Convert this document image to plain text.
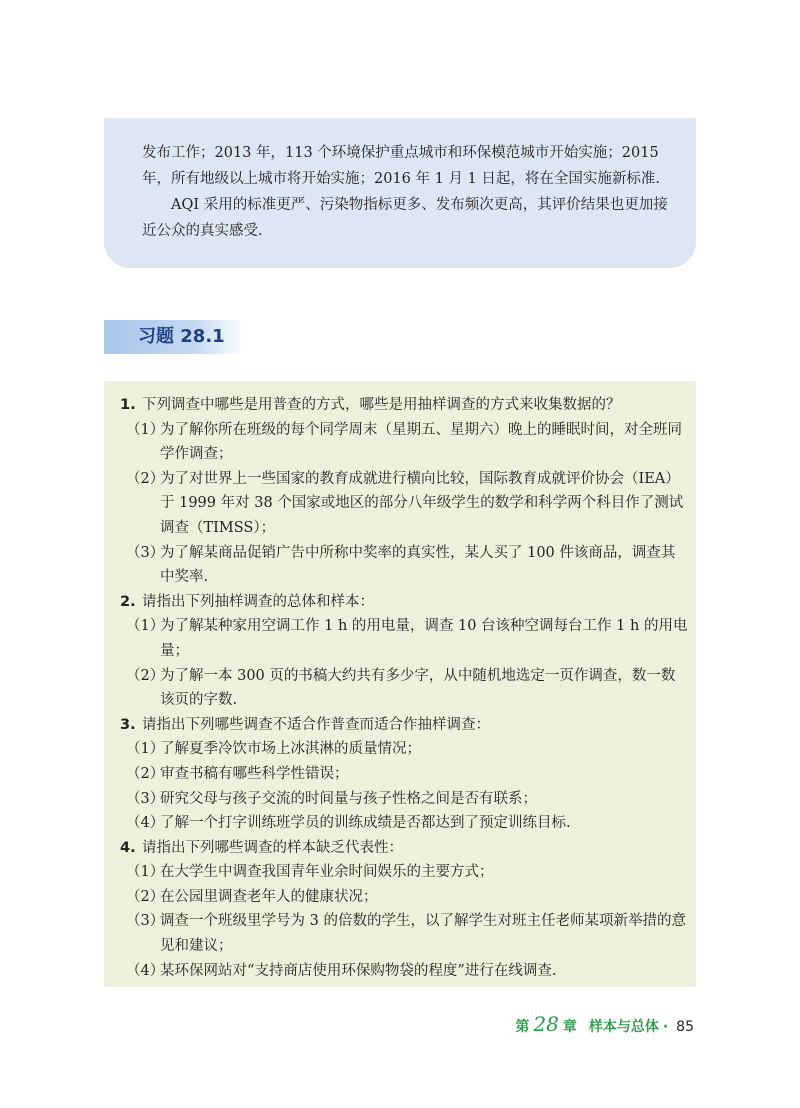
发布工作；2013 年，113 个环境保护重点城市和环保模范城市开始实施；2015 年，所有地级以上城市将开始实施；2016 年 1 月 1 日起，将在全国实施新标准.

AQI 采用的标准更严、污染物指标更多、发布频次更高，其评价结果也更加接近公众的真实感受.

习题 28.1
1. 下列调查中哪些是用普查的方式，哪些是用抽样调查的方式来收集数据的？
（1）
为了解你所在班级的每个同学周末（星期五、星期六）晚上的睡眠时间，对全班同学作调查；
（2）
为了对世界上一些国家的教育成就进行横向比较，国际教育成就评价协会（IEA）于 1999 年对 38 个国家或地区的部分八年级学生的数学和科学两个科目作了测试调查（TIMSS）；
（3）
为了解某商品促销广告中所称中奖率的真实性，某人买了 100 件该商品，调查其中奖率.
2. 请指出下列抽样调查的总体和样本：
（1）
为了解某种家用空调工作 1 h 的用电量，调查 10 台该种空调每台工作 1 h 的用电量；
（2）
为了解一本 300 页的书稿大约共有多少字，从中随机地选定一页作调查，数一数该页的字数.
3. 请指出下列哪些调查不适合作普查而适合作抽样调查：
（1）
了解夏季冷饮市场上冰淇淋的质量情况；
（2）
审查书稿有哪些科学性错误；
（3）
研究父母与孩子交流的时间量与孩子性格之间是否有联系；
（4）
了解一个打字训练班学员的训练成绩是否都达到了预定训练目标.
4. 请指出下列哪些调查的样本缺乏代表性：
（1）
在大学生中调查我国青年业余时间娱乐的主要方式；
（2）
在公园里调查老年人的健康状况；
（3）
调查一个班级里学号为 3 的倍数的学生，以了解学生对班主任老师某项新举措的意见和建议；
（4）
某环保网站对“支持商店使用环保购物袋的程度”进行在线调查.
第 28 章 样本与总体 · 85
